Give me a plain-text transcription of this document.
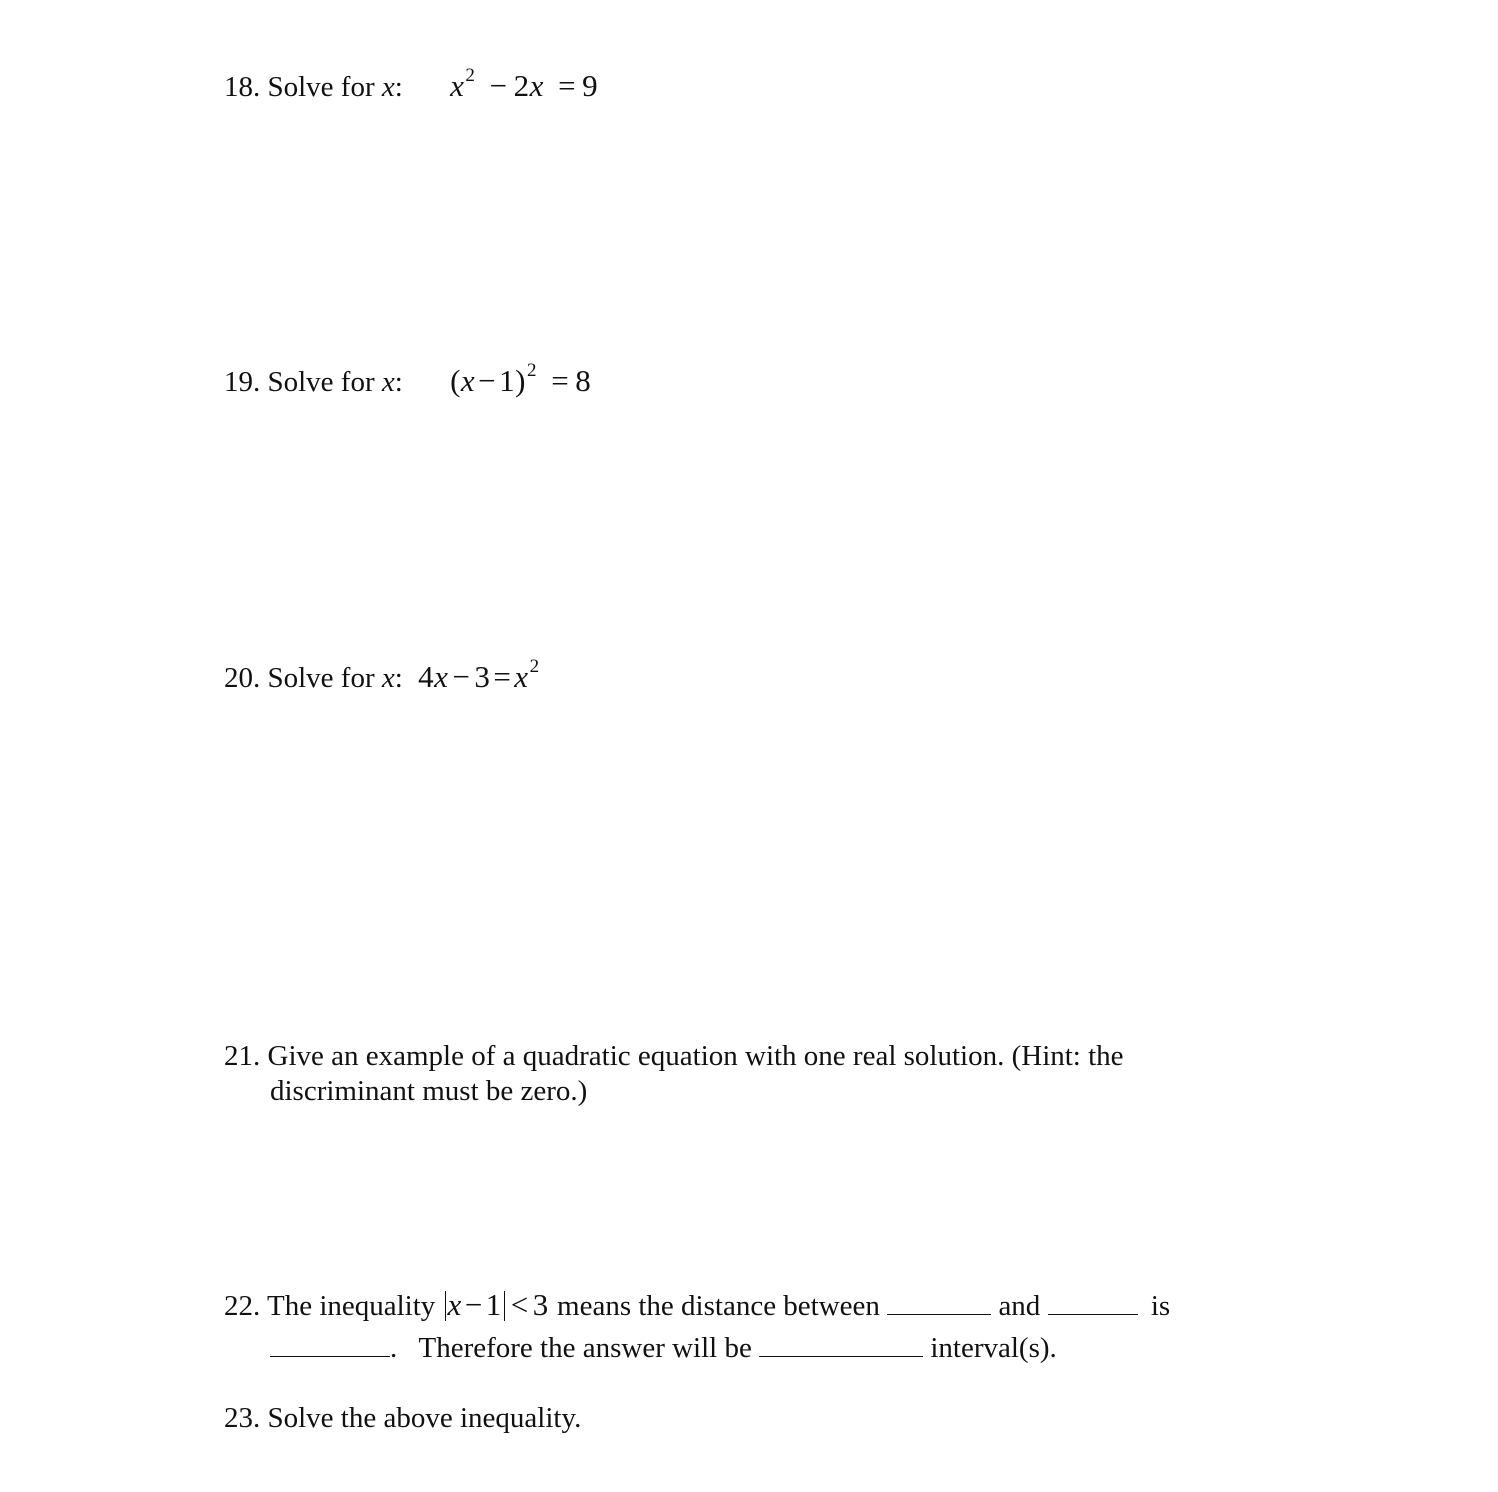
18. Solve for x: $x^2 - 2x = 9$
19. Solve for x: $(x-1)^2 = 8$
20. Solve for x: $4x - 3=x^2$
21. Give an example of a quadratic equation with one real solution. (Hint: the
discriminant must be zero.)
22. The inequality x−1 < 3 means the distance between	and	is
. Therefore the answer will be	interval(s).
23. Solve the above inequality.
